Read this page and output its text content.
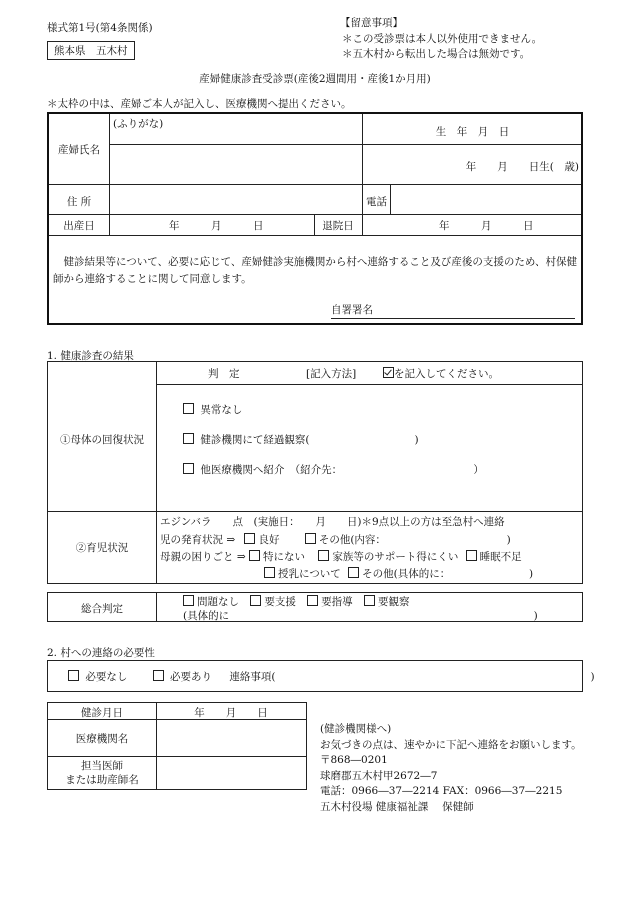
様式第1号(第4条関係)
熊本県　五木村
【留意事項】
＊この受診票は本人以外使用できません。
＊五木村から転出した場合は無効です。
産婦健康診査受診票(産後2週間用・産後1か月用)
＊太枠の中は、産婦ご本人が記入し、医療機関へ提出ください。
(ふりがな)
産婦氏名
生　年　月　日
年　　月　　日生(　歳)
住 所	電話
出産日	年　　　月　　　日	退院日	年　　　月　　　日
　健診結果等について、必要に応じて、産婦健診実施機関から村へ連絡すること及び産後の支援のため、村保健師から連絡することに関して同意します。
自署署名
1. 健康診査の結果
判　定	[記入方法]	を記入してください。
①母体の回復状況
異常なし
健診機関にて経過観察(　　　　　　　　　　)
他医療機関へ紹介　（紹介先：　　　　　　　　　　　　　）
②育児状況
エジンバラ　　点　(実施日：　　月　　日)＊9点以上の方は至急村へ連絡
児の発育状況 ⇒ 良好	その他(内容：　　　　　　　　　　　　)
母親の困りごと ⇒ 特にない	家族等のサポート得にくい 睡眠不足
授乳について その他(具体的に：　　　　　　　　)
総合判定
問題なし 要支援 要指導 要観察
(具体的に　　　　　　　　　　　　　　　　　　　　　　　　　　　　　)
2. 村への連絡の必要性
必要なし	必要あり 連絡事項(　　　　　　　　　　　　　　　　　　　　　　　　　　　　　　)
健診月日	年　　月　　日
医療機関名
担当医師
または助産師名
(健診機関様へ)
お気づきの点は、速やかに下記へ連絡をお願いします。
〒868―0201
球磨郡五木村甲2672―7
電話：0966―37―2214 FAX：0966―37―2215
五木村役場 健康福祉課　 保健師
